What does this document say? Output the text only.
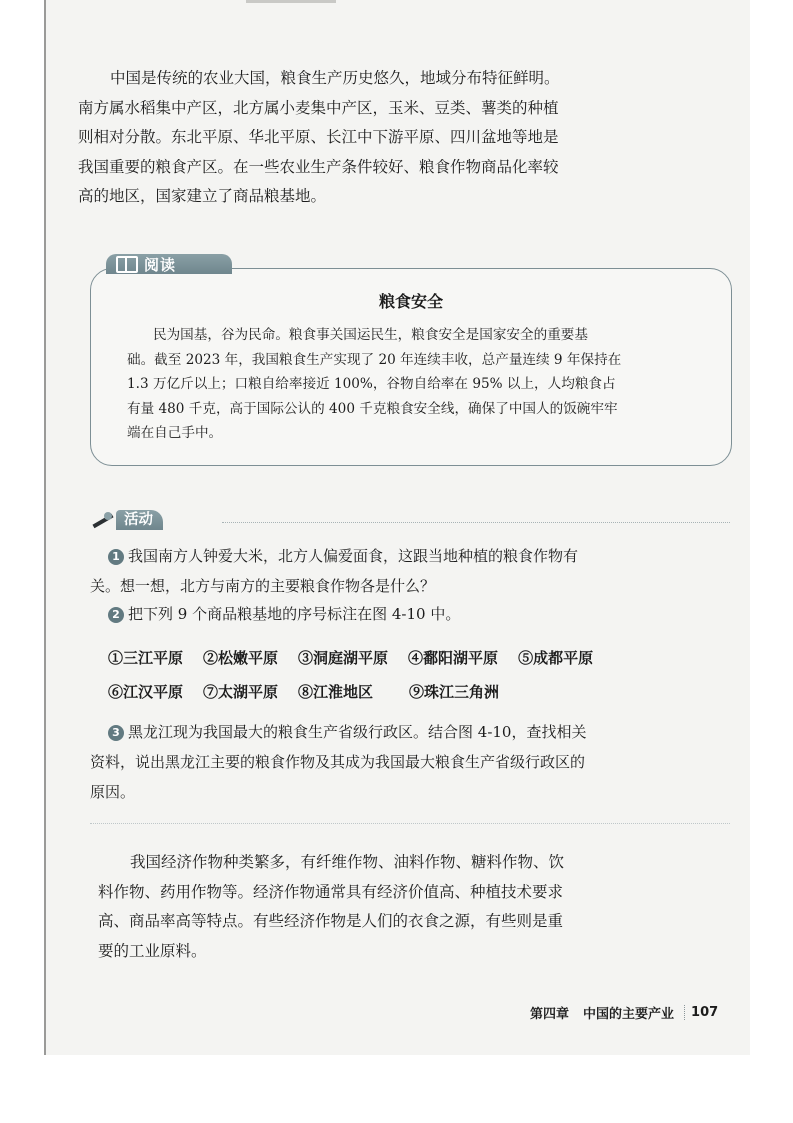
中国是传统的农业大国，粮食生产历史悠久，地域分布特征鲜明。
南方属水稻集中产区，北方属小麦集中产区，玉米、豆类、薯类的种植
则相对分散。东北平原、华北平原、长江中下游平原、四川盆地等地是
我国重要的粮食产区。在一些农业生产条件较好、粮食作物商品化率较
高的地区，国家建立了商品粮基地。

粮食安全

民为国基，谷为民命。粮食事关国运民生，粮食安全是国家安全的重要基
础。截至 2023 年，我国粮食生产实现了 20 年连续丰收，总产量连续 9 年保持在
1.3 万亿斤以上；口粮自给率接近 100%，谷物自给率在 95% 以上，人均粮食占
有量 480 千克，高于国际公认的 400 千克粮食安全线，确保了中国人的饭碗牢牢
端在自己手中。

阅读
活动

1 我国南方人钟爱大米，北方人偏爱面食，这跟当地种植的粮食作物有
关。想一想，北方与南方的主要粮食作物各是什么？

2 把下列 9 个商品粮基地的序号标注在图 4-10 中。

①三江平原 ②松嫩平原 ③洞庭湖平原 ④鄱阳湖平原 ⑤成都平原
⑥江汉平原 ⑦太湖平原 ⑧江淮地区 ⑨珠江三角洲

3 黑龙江现为我国最大的粮食生产省级行政区。结合图 4-10，查找相关
资料，说出黑龙江主要的粮食作物及其成为我国最大粮食生产省级行政区的
原因。

我国经济作物种类繁多，有纤维作物、油料作物、糖料作物、饮
料作物、药用作物等。经济作物通常具有经济价值高、种植技术要求
高、商品率高等特点。有些经济作物是人们的衣食之源，有些则是重
要的工业原料。

第四章 中国的主要产业	107
